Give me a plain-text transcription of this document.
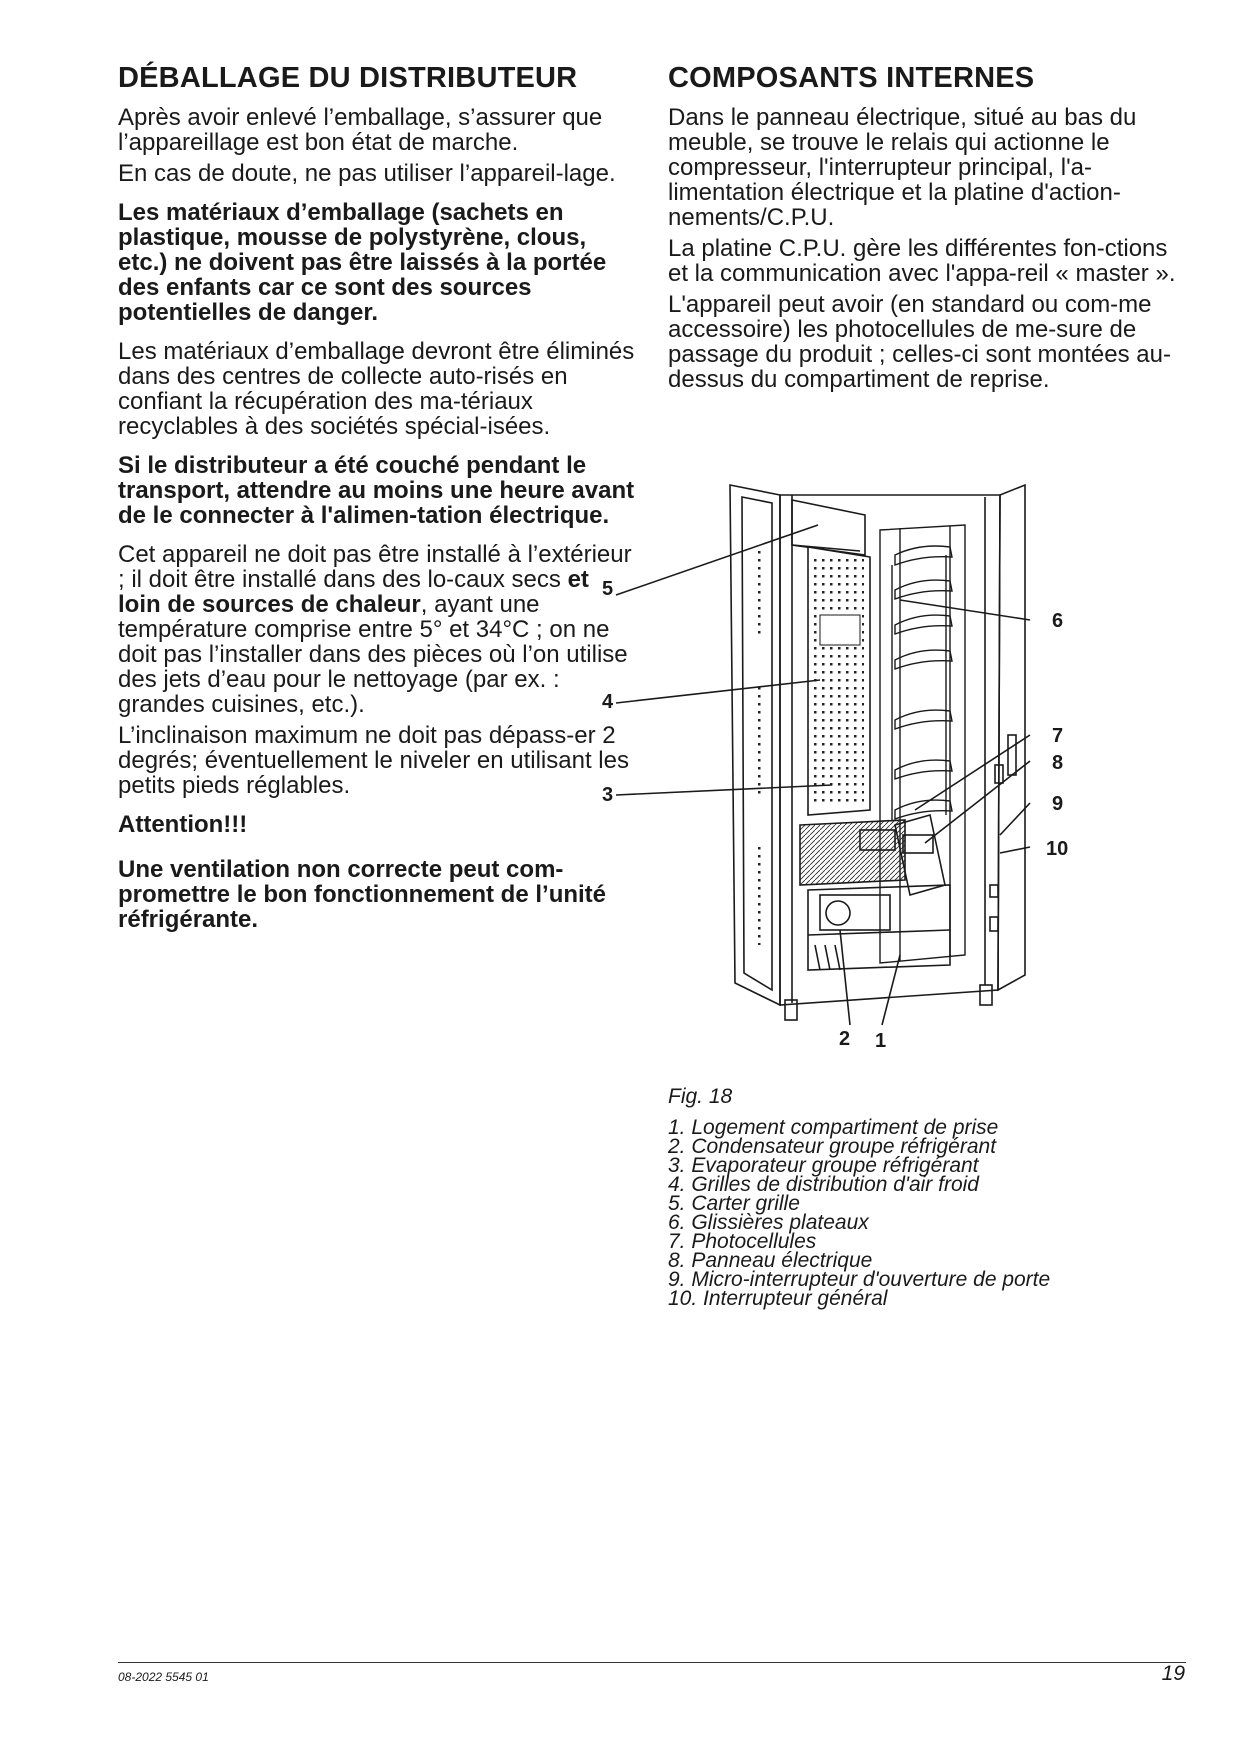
DÉBALLAGE DU DISTRIBUTEUR

Après avoir enlevé l’emballage, s’assurer que l’appareillage est bon état de marche.

En cas de doute, ne pas utiliser l’appareil-lage.

Les matériaux d’emballage (sachets en plastique, mousse de polystyrène, clous, etc.) ne doivent pas être laissés à la portée des enfants car ce sont des sources potentielles de danger.

Les matériaux d’emballage devront être éliminés dans des centres de collecte auto-risés en confiant la récupération des ma-tériaux recyclables à des sociétés spécial-isées.

Si le distributeur a été couché pendant le transport, attendre au moins une heure avant de le connecter à l'alimen-tation électrique.

Cet appareil ne doit pas être installé à l’extérieur ; il doit être installé dans des lo-caux secs et loin de sources de chaleur, ayant une température comprise entre 5° et 34°C ; on ne doit pas l’installer dans des pièces où l’on utilise des jets d’eau pour le nettoyage (par ex. : grandes cuisines, etc.).

L’inclinaison maximum ne doit pas dépass-er 2 degrés; éventuellement le niveler en utilisant les petits pieds réglables.

Attention!!!

Une ventilation non correcte peut com-promettre le bon fonctionnement de l’unité réfrigérante.

COMPOSANTS INTERNES

Dans le panneau électrique, situé au bas du meuble, se trouve le relais qui actionne le compresseur, l'interrupteur principal, l'a-limentation électrique et la platine d'action-nements/C.P.U.

La platine C.P.U. gère les différentes fon-ctions et la communication avec l'appa-reil « master ».

L'appareil peut avoir (en standard ou com-me accessoire) les photocellules de me-sure de passage du produit ; celles-ci sont montées au-dessus du compartiment de reprise.

5
4
3
6
7
8
9
10
2 1
Fig. 18
1. Logement compartiment de prise
2. Condensateur groupe réfrigérant
3. Evaporateur groupe réfrigérant
4. Grilles de distribution d'air froid
5. Carter grille
6. Glissières plateaux
7. Photocellules
8. Panneau électrique
9. Micro-interrupteur d'ouverture de porte
10. Interrupteur général
08-2022 5545 01	19
